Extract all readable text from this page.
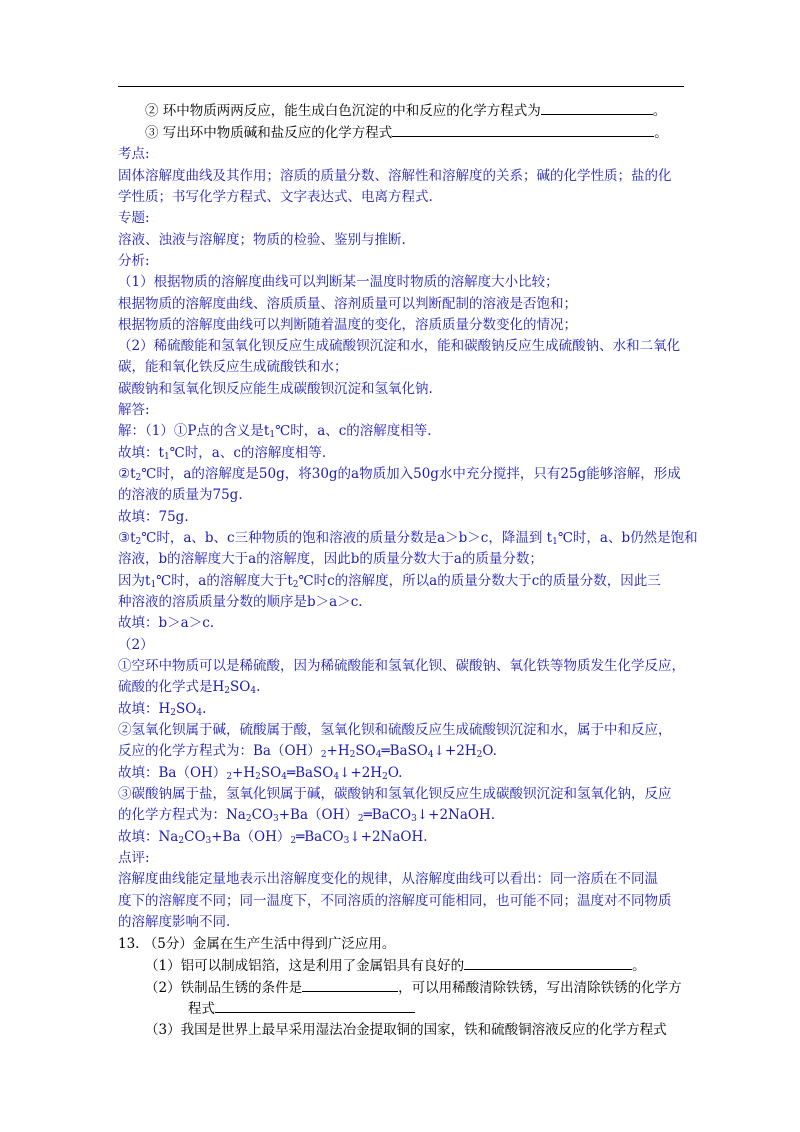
② 环中物质两两反应，能生成白色沉淀的中和反应的化学方程式为	。
③ 写出环中物质碱和盐反应的化学方程式	。
考点:
固体溶解度曲线及其作用；溶质的质量分数、溶解性和溶解度的关系；碱的化学性质；盐的化
学性质；书写化学方程式、文字表达式、电离方程式.
专题:
溶液、浊液与溶解度；物质的检验、鉴别与推断.
分析:
（1）根据物质的溶解度曲线可以判断某一温度时物质的溶解度大小比较；
根据物质的溶解度曲线、溶质质量、溶剂质量可以判断配制的溶液是否饱和；
根据物质的溶解度曲线可以判断随着温度的变化，溶质质量分数变化的情况；
（2）稀硫酸能和氢氧化钡反应生成硫酸钡沉淀和水，能和碳酸钠反应生成硫酸钠、水和二氧化
碳，能和氧化铁反应生成硫酸铁和水；
碳酸钠和氢氧化钡反应能生成碳酸钡沉淀和氢氧化钠.
解答:
解：（1）①P点的含义是$t_1℃$时，a、c的溶解度相等.
故填：$t_1℃$时，a、c的溶解度相等.
$②t_2℃$时，a的溶解度是50g，将30g的a物质加入50g水中充分搅拌，只有25g能够溶解，形成
的溶液的质量为75g.
故填：75g.
$③t_2℃$时，a、b、c三种物质的饱和溶液的质量分数是a＞b＞c，降温到 $t_1℃$时，a、b仍然是饱和
溶液，b的溶解度大于a的溶解度，因此b的质量分数大于a的质量分数；
因为$t_1℃$时，a的溶解度大于$t_2℃$时c的溶解度，所以a的质量分数大于c的质量分数，因此三
种溶液的溶质质量分数的顺序是b＞a＞c.
故填：b＞a＞c.
（2）
①空环中物质可以是稀硫酸，因为稀硫酸能和氢氧化钡、碳酸钠、氧化铁等物质发生化学反应，
硫酸的化学式是$H_2SO_4$.
故填：$H_2SO_4$.
②氢氧化钡属于碱，硫酸属于酸，氢氧化钡和硫酸反应生成硫酸钡沉淀和水，属于中和反应，
反应的化学方程式为：$Ba(OH)_2+H_2SO_4═BaSO_4↓+2H_2O$.
故填：$Ba(OH)_2+H_2SO_4═BaSO_4↓+2H_2O$.
③碳酸钠属于盐，氢氧化钡属于碱，碳酸钠和氢氧化钡反应生成碳酸钡沉淀和氢氧化钠，反应
的化学方程式为：$Na_2CO_3+Ba(OH)_2═BaCO_3↓+2NaOH$.
故填：$Na_2CO_3+Ba(OH)_2═BaCO_3↓+2NaOH$.
点评:
溶解度曲线能定量地表示出溶解度变化的规律，从溶解度曲线可以看出：同一溶质在不同温
度下的溶解度不同；同一温度下，不同溶质的溶解度可能相同，也可能不同；温度对不同物质
的溶解度影响不同.
13. （5分）金属在生产生活中得到广泛应用。
（1）铝可以制成铝箔，这是利用了金属铝具有良好的	。
（2）铁制品生锈的条件是	，可以用稀酸清除铁锈，写出清除铁锈的化学方
程式
（3）我国是世界上最早采用湿法冶金提取铜的国家，铁和硫酸铜溶液反应的化学方程式
